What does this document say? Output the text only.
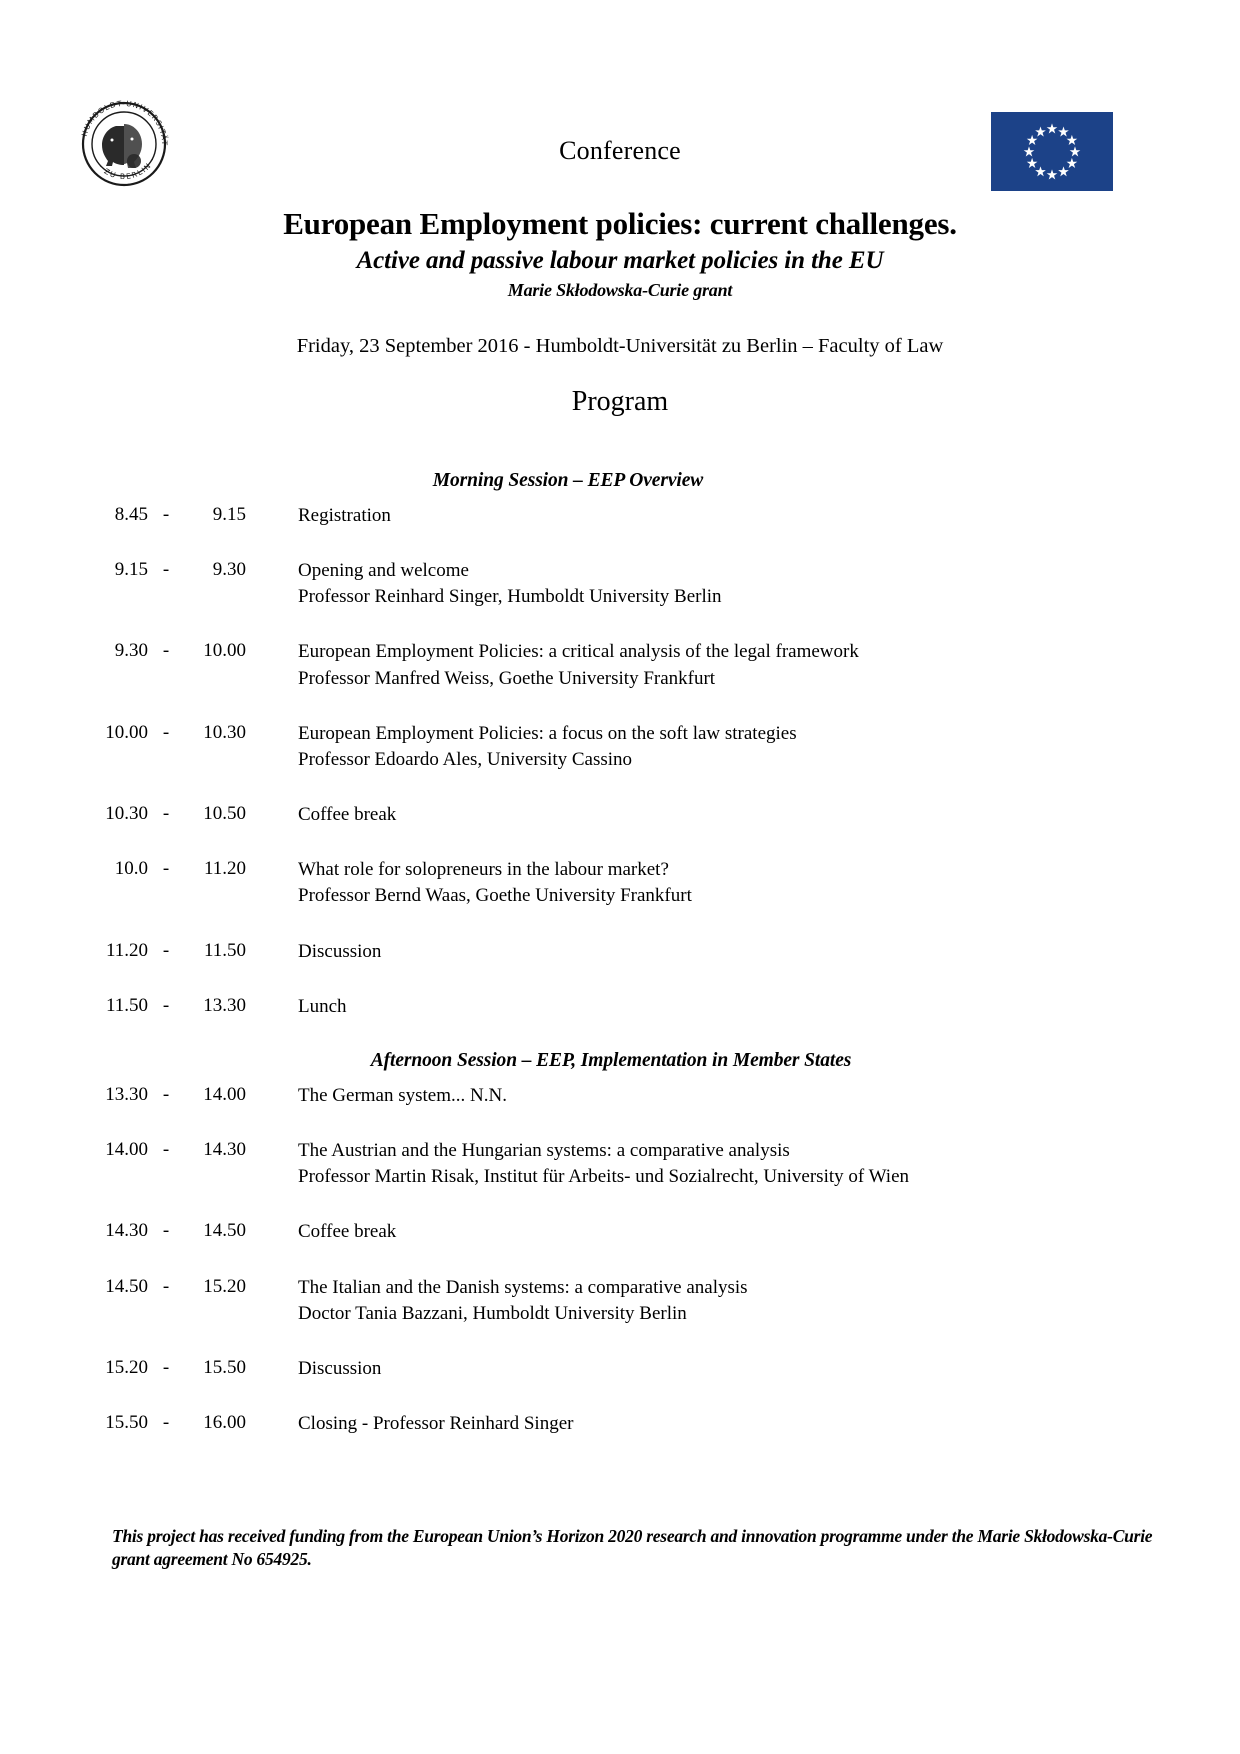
HUMBOLDT-UNIVERSITÄT
· ZU BERLIN ·	Conference
European Employment policies: current challenges.
Active and passive labour market policies in the EU
Marie Skłodowska-Curie grant
Friday, 23 September 2016 - Humboldt-Universität zu Berlin – Faculty of Law
Program
Morning Session – EEP Overview
8.45 -	9.15	Registration
9.15 -	9.30	Opening and welcome
Professor Reinhard Singer, Humboldt University Berlin
9.30 -	10.00	European Employment Policies: a critical analysis of the legal framework
Professor Manfred Weiss, Goethe University Frankfurt
10.00 -	10.30	European Employment Policies: a focus on the soft law strategies
Professor Edoardo Ales, University Cassino
10.30 -	10.50	Coffee break
10.0 -	11.20	What role for solopreneurs in the labour market?
Professor Bernd Waas, Goethe University Frankfurt
11.20 -	11.50	Discussion
11.50 -	13.30	Lunch
Afternoon Session – EEP, Implementation in Member States
13.30 -	14.00	The German system... N.N.
14.00 -	14.30	The Austrian and the Hungarian systems: a comparative analysis
Professor Martin Risak, Institut für Arbeits- und Sozialrecht, University of Wien
14.30 -	14.50	Coffee break
14.50 -	15.20	The Italian and the Danish systems: a comparative analysis
Doctor Tania Bazzani, Humboldt University Berlin
15.20 -	15.50	Discussion
15.50 -	16.00	Closing - Professor Reinhard Singer
This project has received funding from the European Union’s Horizon 2020 research and innovation programme under the Marie Skłodowska-Curie grant agreement No 654925.
